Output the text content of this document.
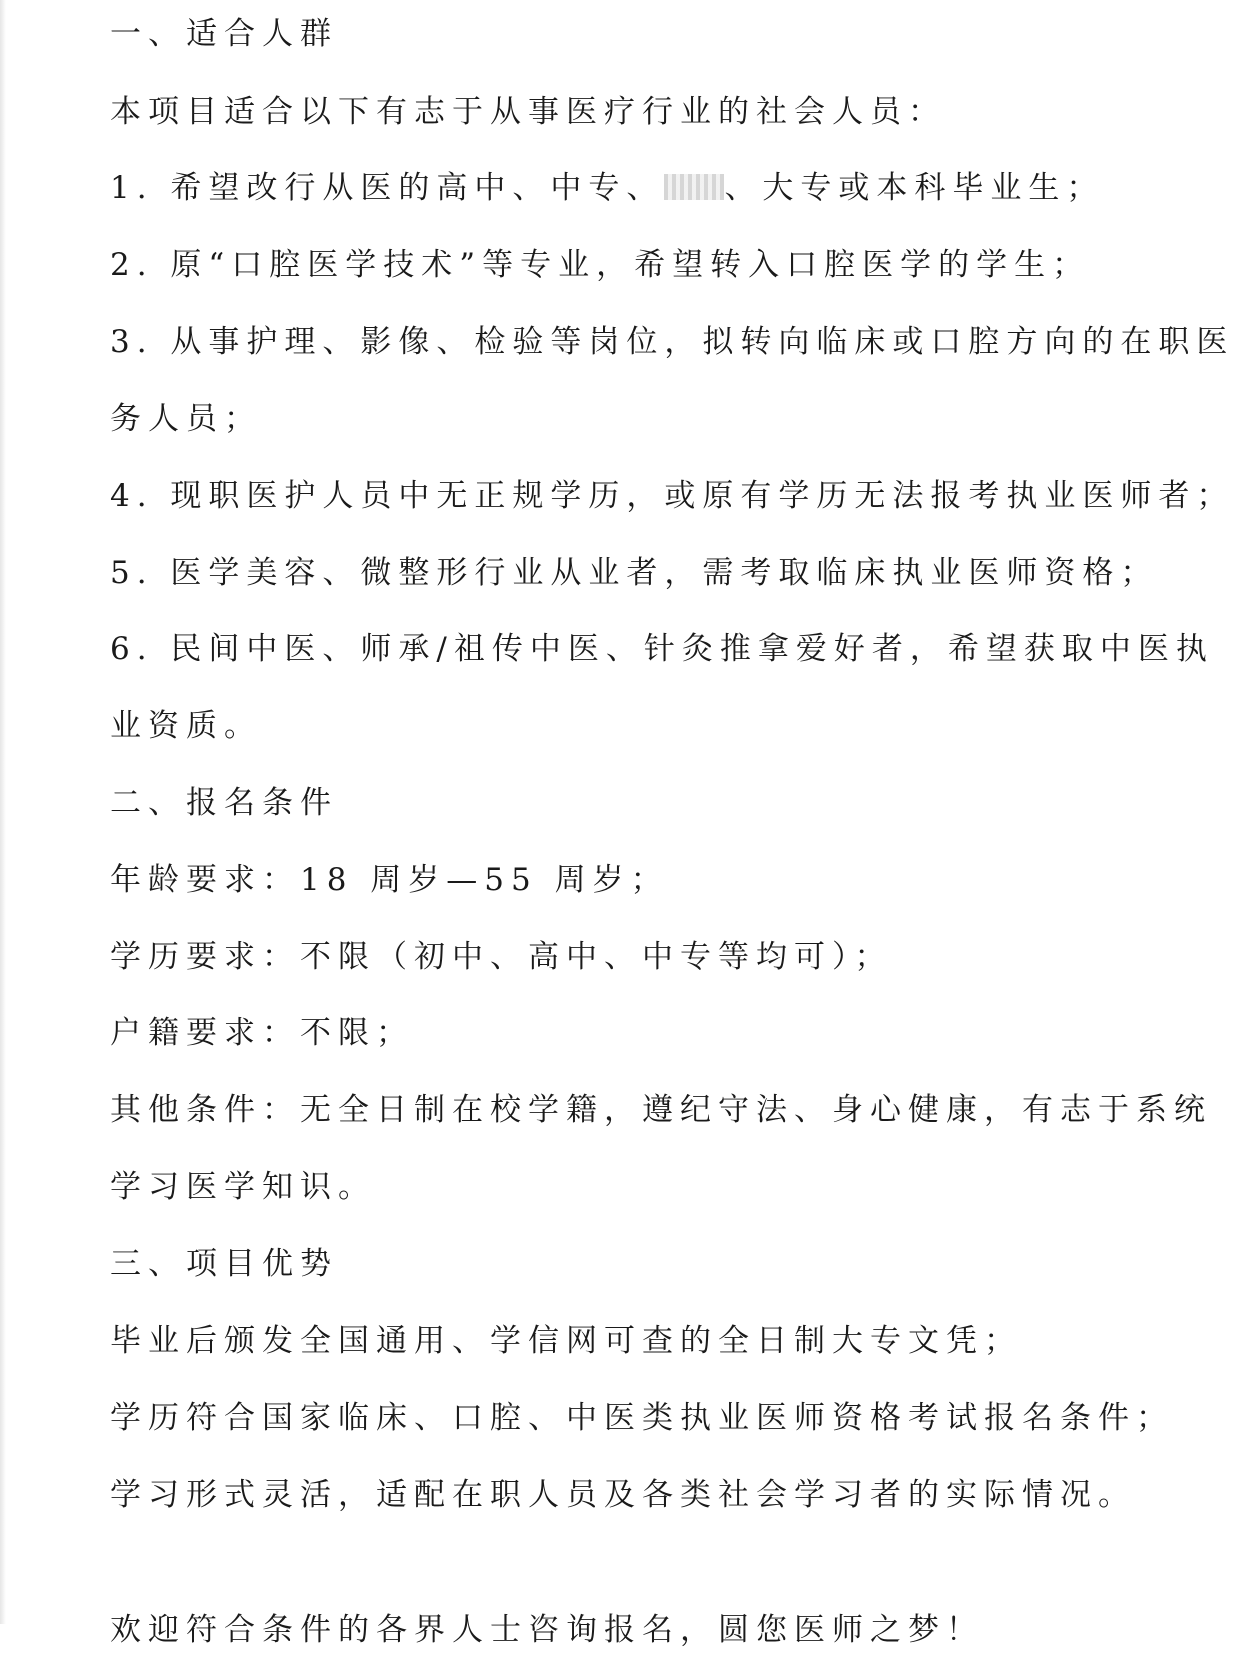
一、适合人群
本项目适合以下有志于从事医疗行业的社会人员：
1. 希望改行从医的高中、中专、 、大专或本科毕业生；
2. 原“口腔医学技术”等专业，希望转入口腔医学的学生；
3. 从事护理、影像、检验等岗位，拟转向临床或口腔方向的在职医
务人员；
4. 现职医护人员中无正规学历，或原有学历无法报考执业医师者；
5. 医学美容、微整形行业从业者，需考取临床执业医师资格；
6. 民间中医、师承/祖传中医、针灸推拿爱好者，希望获取中医执
业资质。
二、报名条件
年龄要求：18 周岁—55 周岁；
学历要求：不限（初中、高中、中专等均可）；
户籍要求：不限；
其他条件：无全日制在校学籍，遵纪守法、身心健康，有志于系统
学习医学知识。
三、项目优势
毕业后颁发全国通用、学信网可查的全日制大专文凭；
学历符合国家临床、口腔、中医类执业医师资格考试报名条件；
学习形式灵活，适配在职人员及各类社会学习者的实际情况。
欢迎符合条件的各界人士咨询报名，圆您医师之梦！
